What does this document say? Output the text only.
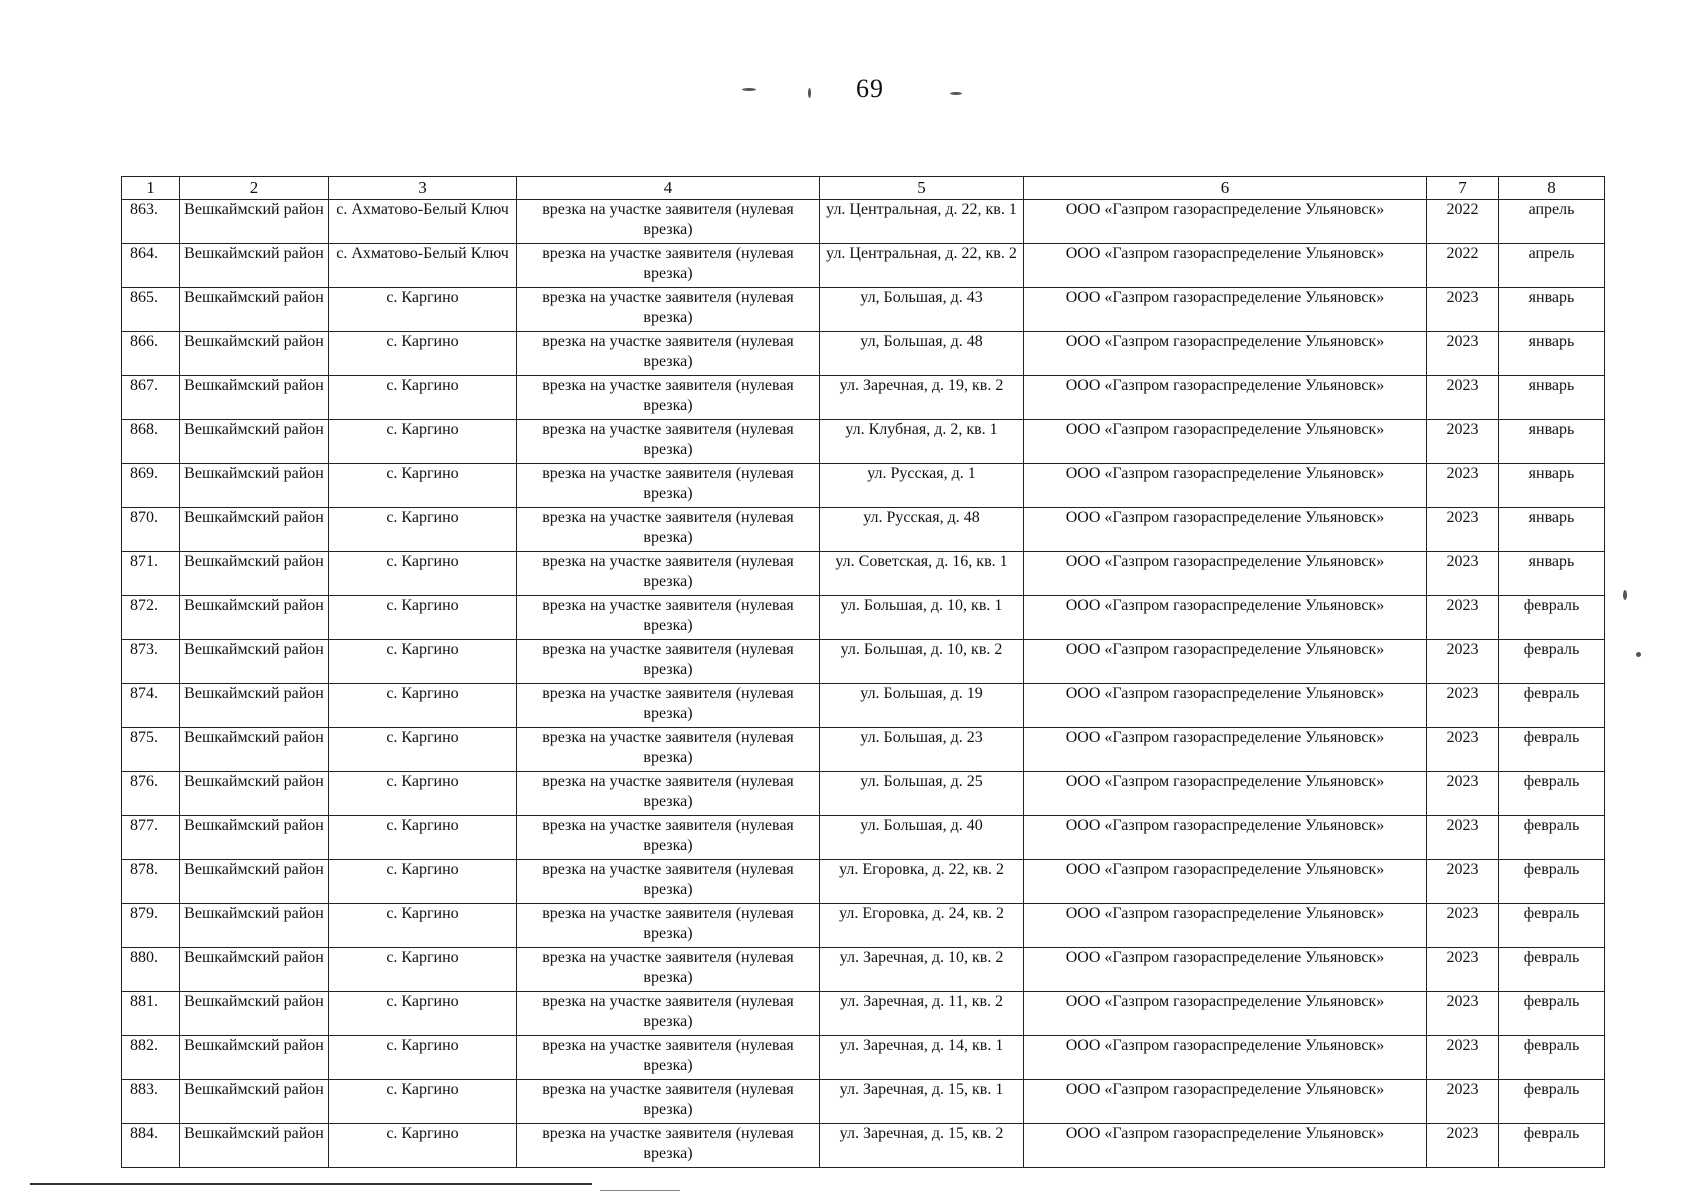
69
1	2	3	4	5	6	7	8
863.	Вешкаймский район	с. Ахматово-Белый Ключ	врезка на участке заявителя (нулевая врезка)	ул. Центральная, д. 22, кв. 1	ООО «Газпром газораспределение Ульяновск»	2022	апрель
864.	Вешкаймский район	с. Ахматово-Белый Ключ	врезка на участке заявителя (нулевая врезка)	ул. Центральная, д. 22, кв. 2	ООО «Газпром газораспределение Ульяновск»	2022	апрель
865.	Вешкаймский район	с. Каргино	врезка на участке заявителя (нулевая врезка)	ул, Большая, д. 43	ООО «Газпром газораспределение Ульяновск»	2023	январь
866.	Вешкаймский район	с. Каргино	врезка на участке заявителя (нулевая врезка)	ул, Большая, д. 48	ООО «Газпром газораспределение Ульяновск»	2023	январь
867.	Вешкаймский район	с. Каргино	врезка на участке заявителя (нулевая врезка)	ул. Заречная, д. 19, кв. 2	ООО «Газпром газораспределение Ульяновск»	2023	январь
868.	Вешкаймский район	с. Каргино	врезка на участке заявителя (нулевая врезка)	ул. Клубная, д. 2, кв. 1	ООО «Газпром газораспределение Ульяновск»	2023	январь
869.	Вешкаймский район	с. Каргино	врезка на участке заявителя (нулевая врезка)	ул. Русская, д. 1	ООО «Газпром газораспределение Ульяновск»	2023	январь
870.	Вешкаймский район	с. Каргино	врезка на участке заявителя (нулевая врезка)	ул. Русская, д. 48	ООО «Газпром газораспределение Ульяновск»	2023	январь
871.	Вешкаймский район	с. Каргино	врезка на участке заявителя (нулевая врезка)	ул. Советская, д. 16, кв. 1	ООО «Газпром газораспределение Ульяновск»	2023	январь
872.	Вешкаймский район	с. Каргино	врезка на участке заявителя (нулевая врезка)	ул. Большая, д. 10, кв. 1	ООО «Газпром газораспределение Ульяновск»	2023	февраль
873.	Вешкаймский район	с. Каргино	врезка на участке заявителя (нулевая врезка)	ул. Большая, д. 10, кв. 2	ООО «Газпром газораспределение Ульяновск»	2023	февраль
874.	Вешкаймский район	с. Каргино	врезка на участке заявителя (нулевая врезка)	ул. Большая, д. 19	ООО «Газпром газораспределение Ульяновск»	2023	февраль
875.	Вешкаймский район	с. Каргино	врезка на участке заявителя (нулевая врезка)	ул. Большая, д. 23	ООО «Газпром газораспределение Ульяновск»	2023	февраль
876.	Вешкаймский район	с. Каргино	врезка на участке заявителя (нулевая врезка)	ул. Большая, д. 25	ООО «Газпром газораспределение Ульяновск»	2023	февраль
877.	Вешкаймский район	с. Каргино	врезка на участке заявителя (нулевая врезка)	ул. Большая, д. 40	ООО «Газпром газораспределение Ульяновск»	2023	февраль
878.	Вешкаймский район	с. Каргино	врезка на участке заявителя (нулевая врезка)	ул. Егоровка, д. 22, кв. 2	ООО «Газпром газораспределение Ульяновск»	2023	февраль
879.	Вешкаймский район	с. Каргино	врезка на участке заявителя (нулевая врезка)	ул. Егоровка, д. 24, кв. 2	ООО «Газпром газораспределение Ульяновск»	2023	февраль
880.	Вешкаймский район	с. Каргино	врезка на участке заявителя (нулевая врезка)	ул. Заречная, д. 10, кв. 2	ООО «Газпром газораспределение Ульяновск»	2023	февраль
881.	Вешкаймский район	с. Каргино	врезка на участке заявителя (нулевая врезка)	ул. Заречная, д. 11, кв. 2	ООО «Газпром газораспределение Ульяновск»	2023	февраль
882.	Вешкаймский район	с. Каргино	врезка на участке заявителя (нулевая врезка)	ул. Заречная, д. 14, кв. 1	ООО «Газпром газораспределение Ульяновск»	2023	февраль
883.	Вешкаймский район	с. Каргино	врезка на участке заявителя (нулевая врезка)	ул. Заречная, д. 15, кв. 1	ООО «Газпром газораспределение Ульяновск»	2023	февраль
884.	Вешкаймский район	с. Каргино	врезка на участке заявителя (нулевая врезка)	ул. Заречная, д. 15, кв. 2	ООО «Газпром газораспределение Ульяновск»	2023	февраль
